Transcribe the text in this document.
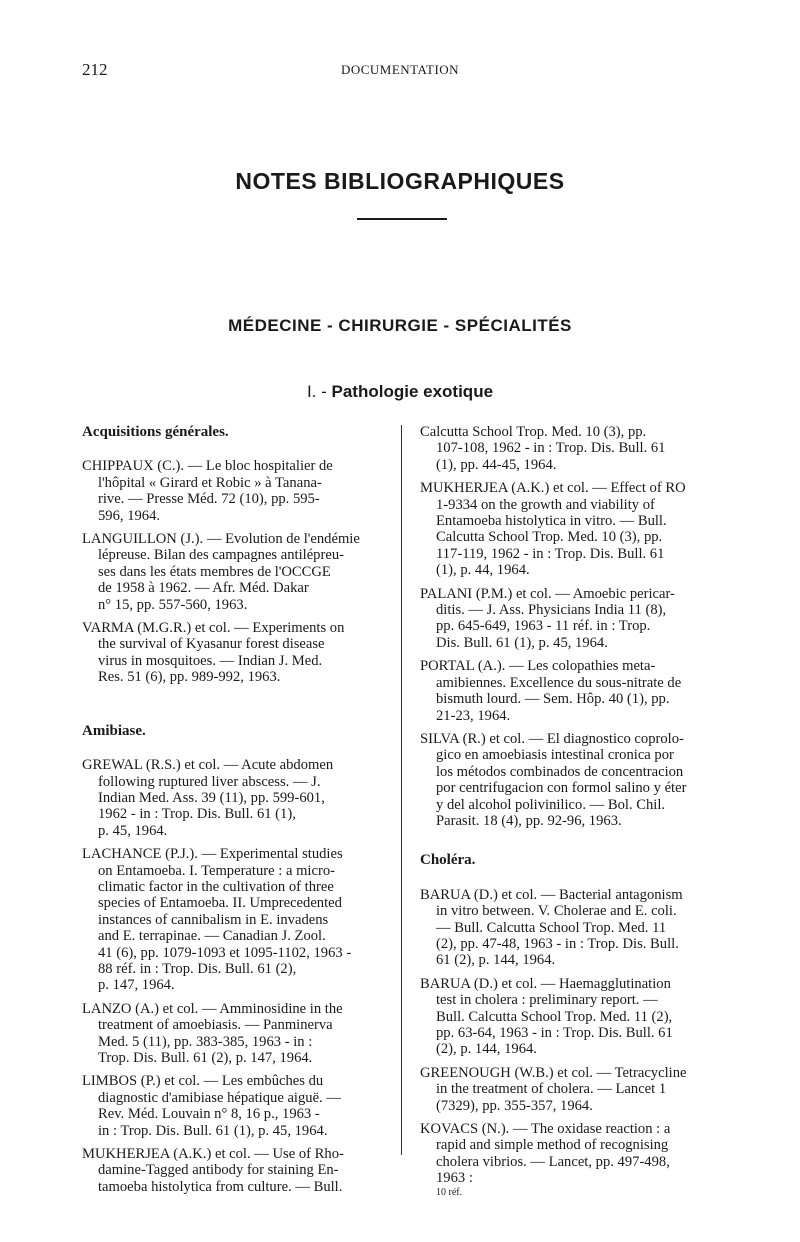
212	DOCUMENTATION
NOTES BIBLIOGRAPHIQUES
MÉDECINE - CHIRURGIE - SPÉCIALITÉS
I. - Pathologie exotique
Acquisitions générales.
CHIPPAUX (C.). — Le bloc hospitalier de
l'hôpital « Girard et Robic » à Tanana-
rive. — Presse Méd. 72 (10), pp. 595-
596, 1964.
LANGUILLON (J.). — Evolution de l'endémie
lépreuse. Bilan des campagnes antilépreu-
ses dans les états membres de l'OCCGE
de 1958 à 1962. — Afr. Méd. Dakar
n° 15, pp. 557-560, 1963.
VARMA (M.G.R.) et col. — Experiments on
the survival of Kyasanur forest disease
virus in mosquitoes. — Indian J. Med.
Res. 51 (6), pp. 989-992, 1963.
Amibiase.
GREWAL (R.S.) et col. — Acute abdomen
following ruptured liver abscess. — J.
Indian Med. Ass. 39 (11), pp. 599-601,
1962 - in : Trop. Dis. Bull. 61 (1),
p. 45, 1964.
LACHANCE (P.J.). — Experimental studies
on Entamoeba. I. Temperature : a micro-
climatic factor in the cultivation of three
species of Entamoeba. II. Umprecedented
instances of cannibalism in E. invadens
and E. terrapinae. — Canadian J. Zool.
41 (6), pp. 1079-1093 et 1095-1102, 1963 -
88 réf. in : Trop. Dis. Bull. 61 (2),
p. 147, 1964.
LANZO (A.) et col. — Amminosidine in the
treatment of amoebiasis. — Panminerva
Med. 5 (11), pp. 383-385, 1963 - in :
Trop. Dis. Bull. 61 (2), p. 147, 1964.
LIMBOS (P.) et col. — Les embûches du
diagnostic d'amibiase hépatique aiguë. —
Rev. Méd. Louvain n° 8, 16 p., 1963 -
in : Trop. Dis. Bull. 61 (1), p. 45, 1964.
MUKHERJEA (A.K.) et col. — Use of Rho-
damine-Tagged antibody for staining En-
tamoeba histolytica from culture. — Bull.
Calcutta School Trop. Med. 10 (3), pp.
107-108, 1962 - in : Trop. Dis. Bull. 61
(1), pp. 44-45, 1964.
MUKHERJEA (A.K.) et col. — Effect of RO
1-9334 on the growth and viability of
Entamoeba histolytica in vitro. — Bull.
Calcutta School Trop. Med. 10 (3), pp.
117-119, 1962 - in : Trop. Dis. Bull. 61
(1), p. 44, 1964.
PALANI (P.M.) et col. — Amoebic pericar-
ditis. — J. Ass. Physicians India 11 (8),
pp. 645-649, 1963 - 11 réf. in : Trop.
Dis. Bull. 61 (1), p. 45, 1964.
PORTAL (A.). — Les colopathies meta-
amibiennes. Excellence du sous-nitrate de
bismuth lourd. — Sem. Hôp. 40 (1), pp.
21-23, 1964.
SILVA (R.) et col. — El diagnostico coprolo-
gico en amoebiasis intestinal cronica por
los métodos combinados de concentracion
por centrifugacion con formol salino y éter
y del alcohol polivinilico. — Bol. Chil.
Parasit. 18 (4), pp. 92-96, 1963.
Choléra.
BARUA (D.) et col. — Bacterial antagonism
in vitro between. V. Cholerae and E. coli.
— Bull. Calcutta School Trop. Med. 11
(2), pp. 47-48, 1963 - in : Trop. Dis. Bull.
61 (2), p. 144, 1964.
BARUA (D.) et col. — Haemagglutination
test in cholera : preliminary report. —
Bull. Calcutta School Trop. Med. 11 (2),
pp. 63-64, 1963 - in : Trop. Dis. Bull. 61
(2), p. 144, 1964.
GREENOUGH (W.B.) et col. — Tetracycline
in the treatment of cholera. — Lancet 1
(7329), pp. 355-357, 1964.
KOVACS (N.). — The oxidase reaction : a
rapid and simple method of recognising
cholera vibrios. — Lancet, pp. 497-498,
1963 :
10 réf.
